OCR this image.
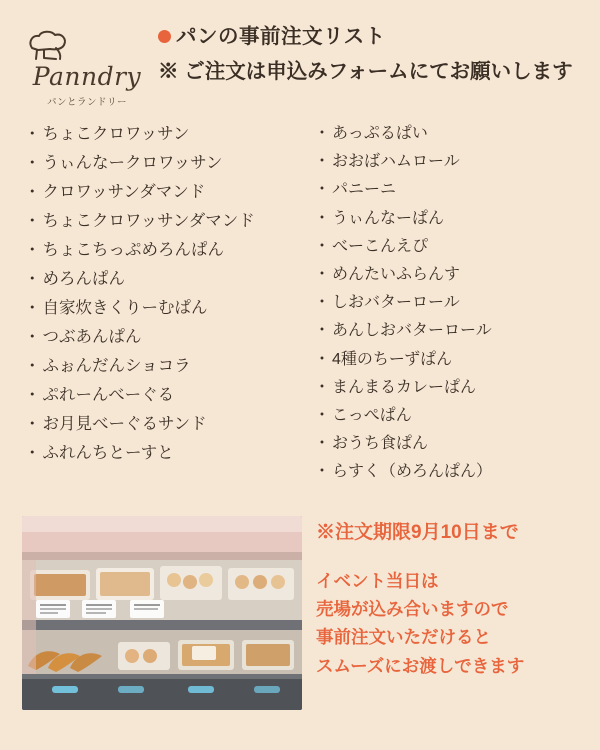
Panndry
パンとランドリー
パンの事前注文リスト
※ ご注文は申込みフォームにてお願いします
・ ちょこクロワッサン
・ うぃんなークロワッサン
・ クロワッサンダマンド
・ ちょこクロワッサンダマンド
・ ちょこちっぷめろんぱん
・ めろんぱん
・ 自家炊きくりーむぱん
・ つぶあんぱん
・ ふぉんだんショコラ
・ ぷれーんべーぐる
・ お月見べーぐるサンド
・ ふれんちとーすと
・ あっぷるぱい
・ おおばハムロール
・ パニーニ
・ うぃんなーぱん
・ べーこんえぴ
・ めんたいふらんす
・ しおバターロール
・ あんしおバターロール
・ 4種のちーずぱん
・ まんまるカレーぱん
・ こっぺぱん
・ おうち食ぱん
・ らすく（めろんぱん）
※注文期限9月10日まで
イベント当日は
売場が込み合いますので
事前注文いただけると
スムーズにお渡しできます
